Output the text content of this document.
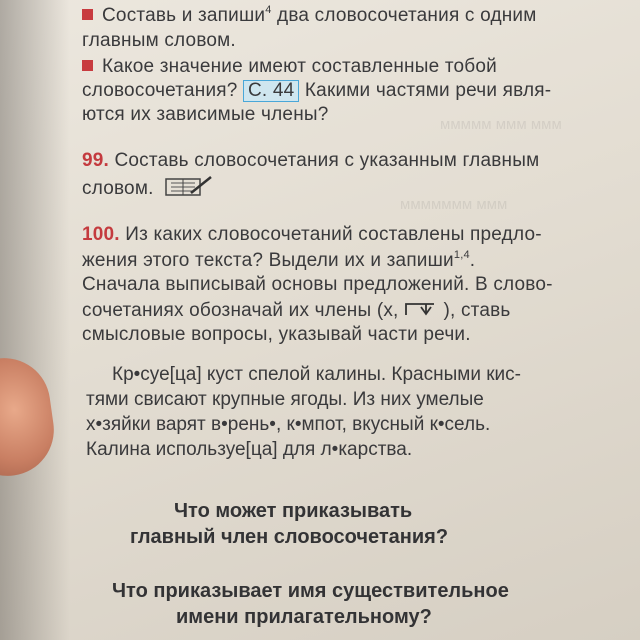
ммммм ммм ммм
ммммммм ммм
Составь и запиши$^4$ два словосочетания с одним
главным словом.
Какое значение имеют составленные тобой
словосочетания? С. 44 Какими частями речи явля-
ются их зависимые члены?
99. Составь словосочетания с указанным главным
словом.
100. Из каких словосочетаний составлены предло-
жения этого текста? Выдели их и запиши$^{1,4}$.
Сначала выписывай основы предложений. В слово-
сочетаниях обозначай их члены (х,  ), ставь
смысловые вопросы, указывай части речи.
Кр•суе[ца] куст спелой калины. Красными кис-
тями свисают крупные ягоды. Из них умелые
х•зяйки варят в•рень•, к•мпот, вкусный к•сель.
Калина используе[ца] для л•карства.
Что может приказывать
главный член словосочетания?
Что приказывает имя существительное
имени прилагательному?
